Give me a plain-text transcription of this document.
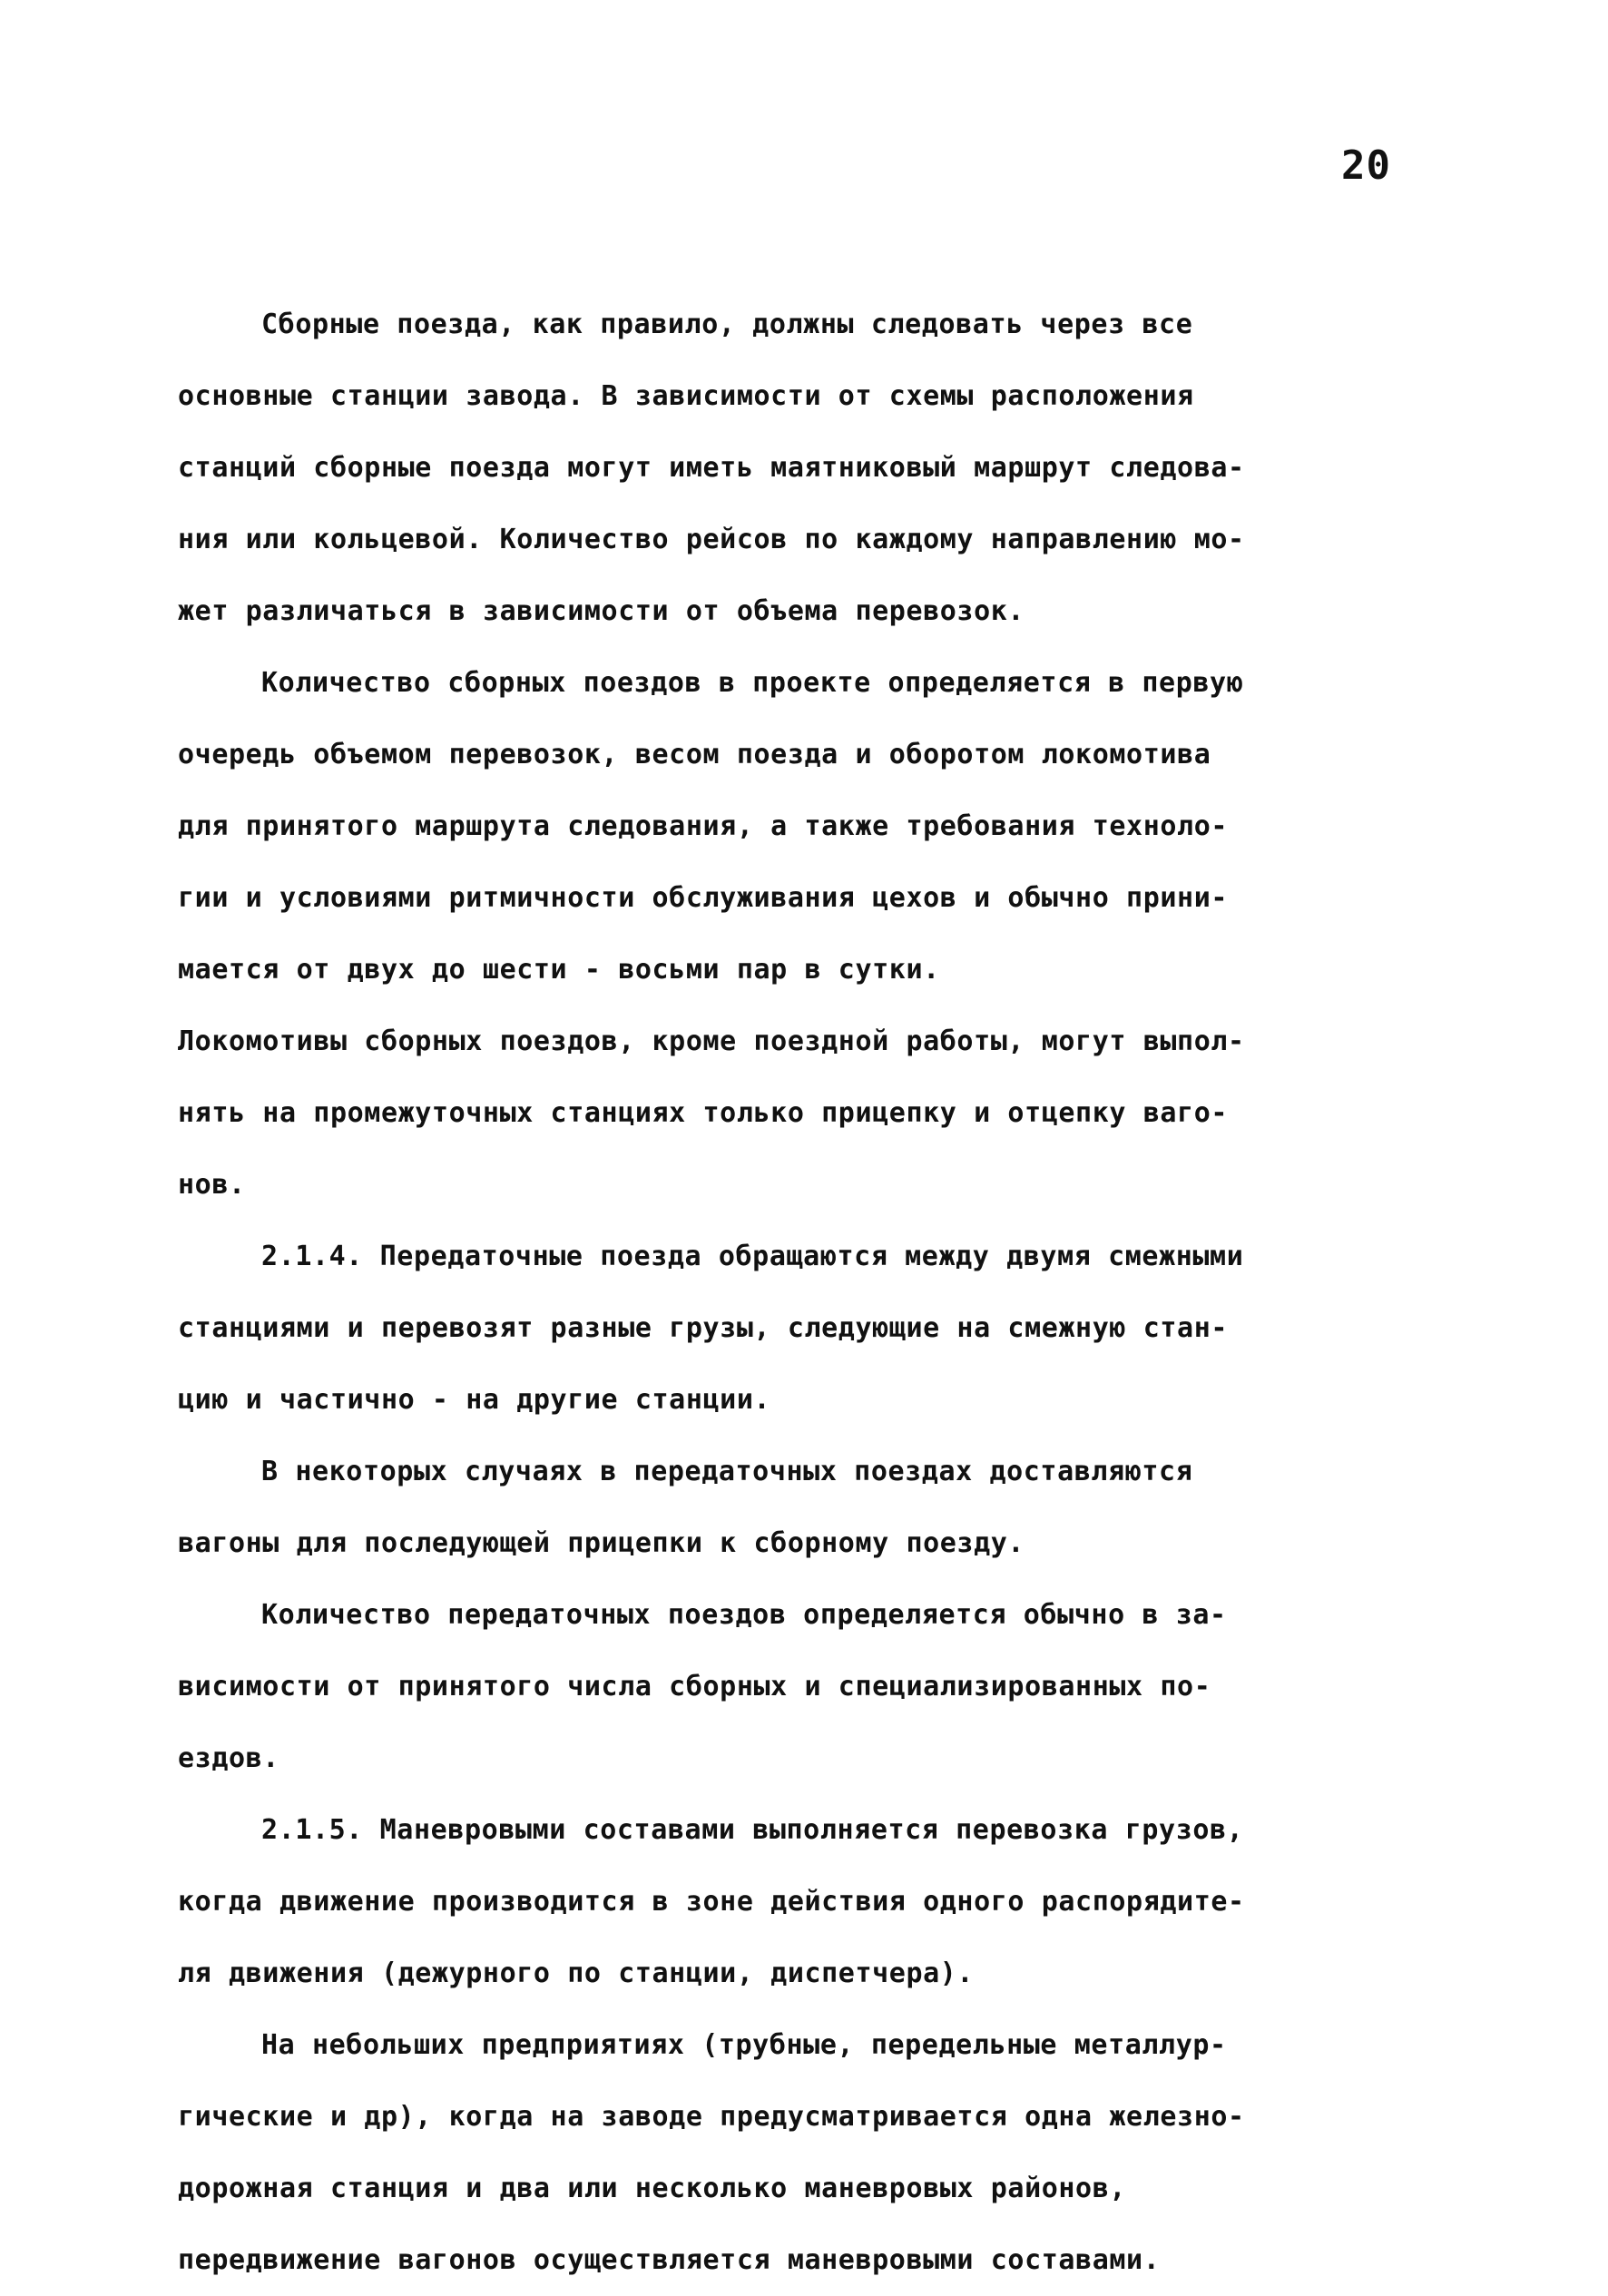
20
Сборные поезда, как правило, должны следовать через все
основные станции завода. В зависимости от схемы расположения
станций сборные поезда могут иметь маятниковый маршрут следова-
ния или кольцевой. Количество рейсов по каждому направлению мо-
жет различаться в зависимости от объема перевозок.
Количество сборных поездов в проекте определяется в первую
очередь объемом перевозок, весом поезда и оборотом локомотива
для принятого маршрута следования, а также требования техноло-
гии и условиями ритмичности обслуживания цехов и обычно прини-
мается от двух до шести - восьми пар в сутки.
Локомотивы сборных поездов, кроме поездной работы, могут выпол-
нять на промежуточных станциях только прицепку и отцепку ваго-
нов.
2.1.4. Передаточные поезда обращаются между двумя смежными
станциями и перевозят разные грузы, следующие на смежную стан-
цию и частично - на другие станции.
В некоторых случаях в передаточных поездах доставляются
вагоны для последующей прицепки к сборному поезду.
Количество передаточных поездов определяется обычно в за-
висимости от принятого числа сборных и специализированных по-
ездов.
2.1.5. Маневровыми составами выполняется перевозка грузов,
когда движение производится в зоне действия одного распорядите-
ля движения (дежурного по станции, диспетчера).
На небольших предприятиях (трубные, передельные металлур-
гические и др), когда на заводе предусматривается одна железно-
дорожная станция и два или несколько маневровых районов,
передвижение вагонов осуществляется маневровыми составами.
